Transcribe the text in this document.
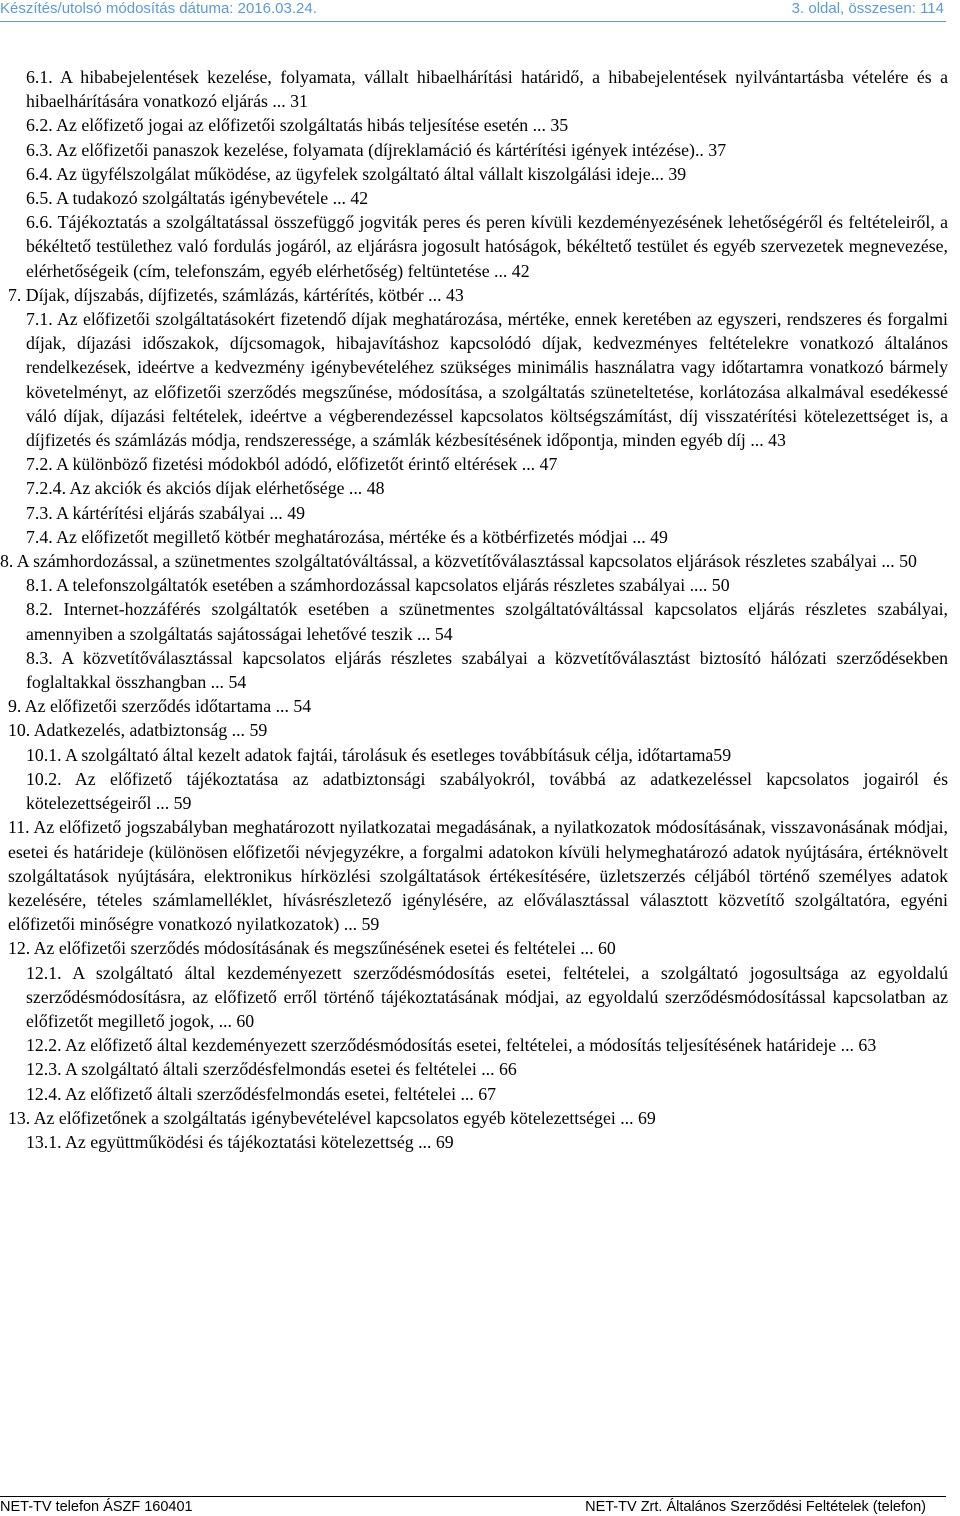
Készítés/utolsó módosítás dátuma: 2016.03.24.	3. oldal, összesen: 114

6.1. A hibabejelentések kezelése, folyamata, vállalt hibaelhárítási határidő, a hibabejelentések nyilvántartásba vételére és a hibaelhárítására vonatkozó eljárás ... 31

6.2. Az előfizető jogai az előfizetői szolgáltatás hibás teljesítése esetén ... 35

6.3. Az előfizetői panaszok kezelése, folyamata (díjreklamáció és kártérítési igények intézése).. 37

6.4. Az ügyfélszolgálat működése, az ügyfelek szolgáltató által vállalt kiszolgálási ideje... 39

6.5. A tudakozó szolgáltatás igénybevétele ... 42

6.6. Tájékoztatás a szolgáltatással összefüggő jogviták peres és peren kívüli kezdeményezésének lehetőségéről és feltételeiről, a békéltető testülethez való fordulás jogáról, az eljárásra jogosult hatóságok, békéltető testület és egyéb szervezetek megnevezése, elérhetőségeik (cím, telefonszám, egyéb elérhetőség) feltüntetése ... 42

7. Díjak, díjszabás, díjfizetés, számlázás, kártérítés, kötbér ... 43

7.1. Az előfizetői szolgáltatásokért fizetendő díjak meghatározása, mértéke, ennek keretében az egyszeri, rendszeres és forgalmi díjak, díjazási időszakok, díjcsomagok, hibajavításhoz kapcsolódó díjak, kedvezményes feltételekre vonatkozó általános rendelkezések, ideértve a kedvezmény igénybevételéhez szükséges minimális használatra vagy időtartamra vonatkozó bármely követelményt, az előfizetői szerződés megszűnése, módosítása, a szolgáltatás szüneteltetése, korlátozása alkalmával esedékessé váló díjak, díjazási feltételek, ideértve a végberendezéssel kapcsolatos költségszámítást, díj visszatérítési kötelezettséget is, a díjfizetés és számlázás módja, rendszeressége, a számlák kézbesítésének időpontja, minden egyéb díj ... 43

7.2. A különböző fizetési módokból adódó, előfizetőt érintő eltérések ... 47

7.2.4. Az akciók és akciós díjak elérhetősége ... 48

7.3. A kártérítési eljárás szabályai ... 49

7.4. Az előfizetőt megillető kötbér meghatározása, mértéke és a kötbérfizetés módjai ... 49

8. A számhordozással, a szünetmentes szolgáltatóváltással, a közvetítőválasztással kapcsolatos eljárások részletes szabályai ... 50

8.1. A telefonszolgáltatók esetében a számhordozással kapcsolatos eljárás részletes szabályai .... 50

8.2. Internet-hozzáférés szolgáltatók esetében a szünetmentes szolgáltatóváltással kapcsolatos eljárás részletes szabályai, amennyiben a szolgáltatás sajátosságai lehetővé teszik ... 54

8.3. A közvetítőválasztással kapcsolatos eljárás részletes szabályai a közvetítőválasztást biztosító hálózati szerződésekben foglaltakkal összhangban ... 54

9. Az előfizetői szerződés időtartama ... 54

10. Adatkezelés, adatbiztonság ... 59

10.1. A szolgáltató által kezelt adatok fajtái, tárolásuk és esetleges továbbításuk célja, időtartama59

10.2. Az előfizető tájékoztatása az adatbiztonsági szabályokról, továbbá az adatkezeléssel kapcsolatos jogairól és kötelezettségeiről ... 59

11. Az előfizető jogszabályban meghatározott nyilatkozatai megadásának, a nyilatkozatok módosításának, visszavonásának módjai, esetei és határideje (különösen előfizetői névjegyzékre, a forgalmi adatokon kívüli helymeghatározó adatok nyújtására, értéknövelt szolgáltatások nyújtására, elektronikus hírközlési szolgáltatások értékesítésére, üzletszerzés céljából történő személyes adatok kezelésére, tételes számlamelléklet, hívásrészletező igénylésére, az előválasztással választott közvetítő szolgáltatóra, egyéni előfizetői minőségre vonatkozó nyilatkozatok) ... 59

12. Az előfizetői szerződés módosításának és megszűnésének esetei és feltételei ... 60

12.1. A szolgáltató által kezdeményezett szerződésmódosítás esetei, feltételei, a szolgáltató jogosultsága az egyoldalú szerződésmódosításra, az előfizető erről történő tájékoztatásának módjai, az egyoldalú szerződésmódosítással kapcsolatban az előfizetőt megillető jogok, ... 60

12.2. Az előfizető által kezdeményezett szerződésmódosítás esetei, feltételei, a módosítás teljesítésének határideje ... 63

12.3. A szolgáltató általi szerződésfelmondás esetei és feltételei ... 66

12.4. Az előfizető általi szerződésfelmondás esetei, feltételei ... 67

13. Az előfizetőnek a szolgáltatás igénybevételével kapcsolatos egyéb kötelezettségei ... 69

13.1. Az együttműködési és tájékoztatási kötelezettség ... 69

NET-TV telefon ÁSZF 160401	NET-TV Zrt. Általános Szerződési Feltételek (telefon)
